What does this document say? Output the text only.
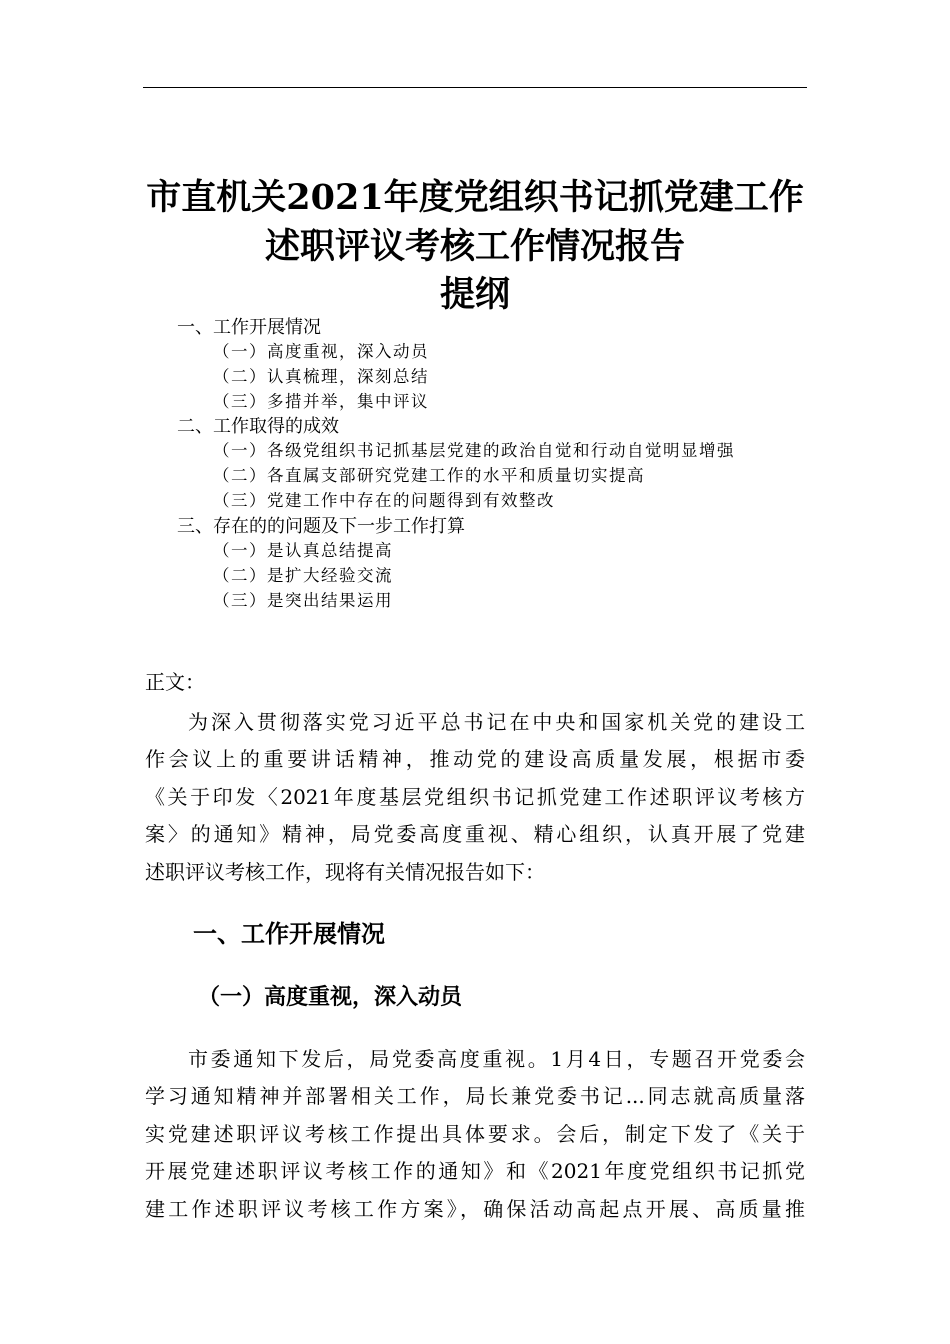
市直机关2021年度党组织书记抓党建工作
述职评议考核工作情况报告
提纲
一、工作开展情况
（一）高度重视，深入动员
（二）认真梳理，深刻总结
（三）多措并举，集中评议
二、工作取得的成效
（一）各级党组织书记抓基层党建的政治自觉和行动自觉明显增强
（二）各直属支部研究党建工作的水平和质量切实提高
（三）党建工作中存在的问题得到有效整改
三、存在的的问题及下一步工作打算
（一）是认真总结提高
（二）是扩大经验交流
（三）是突出结果运用
正文：
为深入贯彻落实党习近平总书记在中央和国家机关党的建设工
作会议上的重要讲话精神，推动党的建设高质量发展，根据市委
《关于印发〈2021年度基层党组织书记抓党建工作述职评议考核方
案〉的通知》精神，局党委高度重视、精心组织，认真开展了党建
述职评议考核工作，现将有关情况报告如下：
一、工作开展情况
（一）高度重视，深入动员
市委通知下发后，局党委高度重视。1月4日，专题召开党委会
学习通知精神并部署相关工作，局长兼党委书记...同志就高质量落
实党建述职评议考核工作提出具体要求。会后，制定下发了《关于
开展党建述职评议考核工作的通知》和《2021年度党组织书记抓党
建工作述职评议考核工作方案》，确保活动高起点开展、高质量推
